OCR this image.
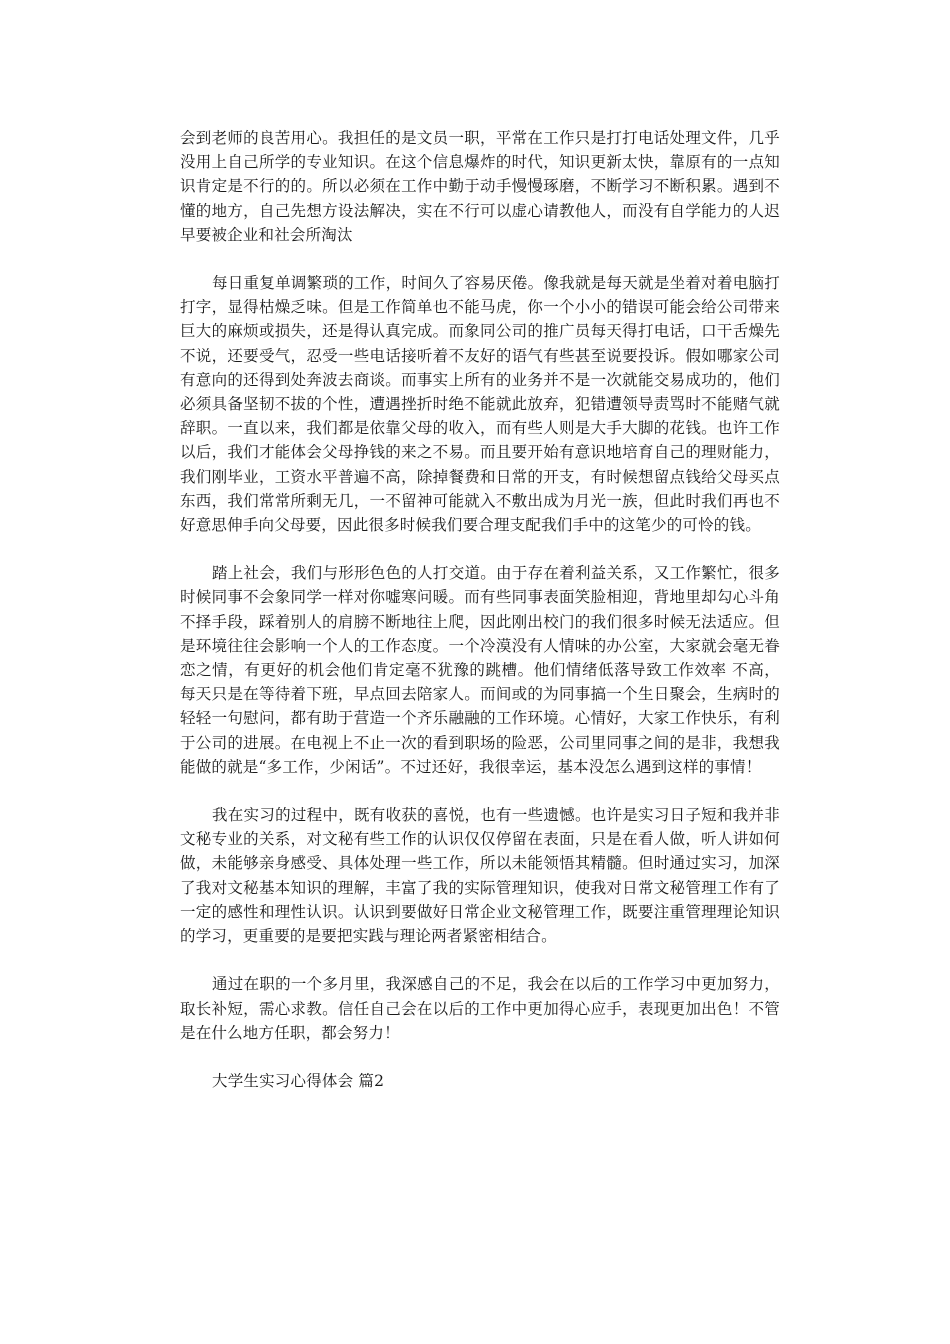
会到老师的良苦用心。我担任的是文员一职，平常在工作只是打打电话处理文件，几乎没用上自己所学的专业知识。在这个信息爆炸的时代，知识更新太快，靠原有的一点知识肯定是不行的的。所以必须在工作中勤于动手慢慢琢磨，不断学习不断积累。遇到不懂的地方，自己先想方设法解决，实在不行可以虚心请教他人，而没有自学能力的人迟早要被企业和社会所淘汰

每日重复单调繁琐的工作，时间久了容易厌倦。像我就是每天就是坐着对着电脑打打字，显得枯燥乏味。但是工作简单也不能马虎，你一个小小的错误可能会给公司带来巨大的麻烦或损失，还是得认真完成。而象同公司的推广员每天得打电话，口干舌燥先不说，还要受气，忍受一些电话接听着不友好的语气有些甚至说要投诉。假如哪家公司有意向的还得到处奔波去商谈。而事实上所有的业务并不是一次就能交易成功的，他们必须具备坚韧不拔的个性，遭遇挫折时绝不能就此放弃，犯错遭领导责骂时不能赌气就辞职。一直以来，我们都是依靠父母的收入，而有些人则是大手大脚的花钱。也许工作以后，我们才能体会父母挣钱的来之不易。而且要开始有意识地培育自己的理财能力，我们刚毕业，工资水平普遍不高，除掉餐费和日常的开支，有时候想留点钱给父母买点东西，我们常常所剩无几，一不留神可能就入不敷出成为月光一族，但此时我们再也不好意思伸手向父母要，因此很多时候我们要合理支配我们手中的这笔少的可怜的钱。

踏上社会，我们与形形色色的人打交道。由于存在着利益关系，又工作繁忙，很多时候同事不会象同学一样对你嘘寒问暖。而有些同事表面笑脸相迎，背地里却勾心斗角不择手段，踩着别人的肩膀不断地往上爬，因此刚出校门的我们很多时候无法适应。但是环境往往会影响一个人的工作态度。一个冷漠没有人情味的办公室，大家就会毫无眷恋之情，有更好的机会他们肯定毫不犹豫的跳槽。他们情绪低落导致工作效率 不高，每天只是在等待着下班，早点回去陪家人。而间或的为同事搞一个生日聚会，生病时的轻轻一句慰问，都有助于营造一个齐乐融融的工作环境。心情好，大家工作快乐，有利于公司的进展。在电视上不止一次的看到职场的险恶，公司里同事之间的是非，我想我能做的就是“多工作，少闲话”。不过还好，我很幸运，基本没怎么遇到这样的事情！

我在实习的过程中，既有收获的喜悦，也有一些遗憾。也许是实习日子短和我并非文秘专业的关系，对文秘有些工作的认识仅仅停留在表面，只是在看人做，听人讲如何做，未能够亲身感受、具体处理一些工作，所以未能领悟其精髓。但时通过实习，加深了我对文秘基本知识的理解，丰富了我的实际管理知识，使我对日常文秘管理工作有了一定的感性和理性认识。认识到要做好日常企业文秘管理工作，既要注重管理理论知识的学习，更重要的是要把实践与理论两者紧密相结合。

通过在职的一个多月里，我深感自己的不足，我会在以后的工作学习中更加努力，取长补短，需心求教。信任自己会在以后的工作中更加得心应手，表现更加出色！不管是在什么地方任职，都会努力！

大学生实习心得体会 篇2
